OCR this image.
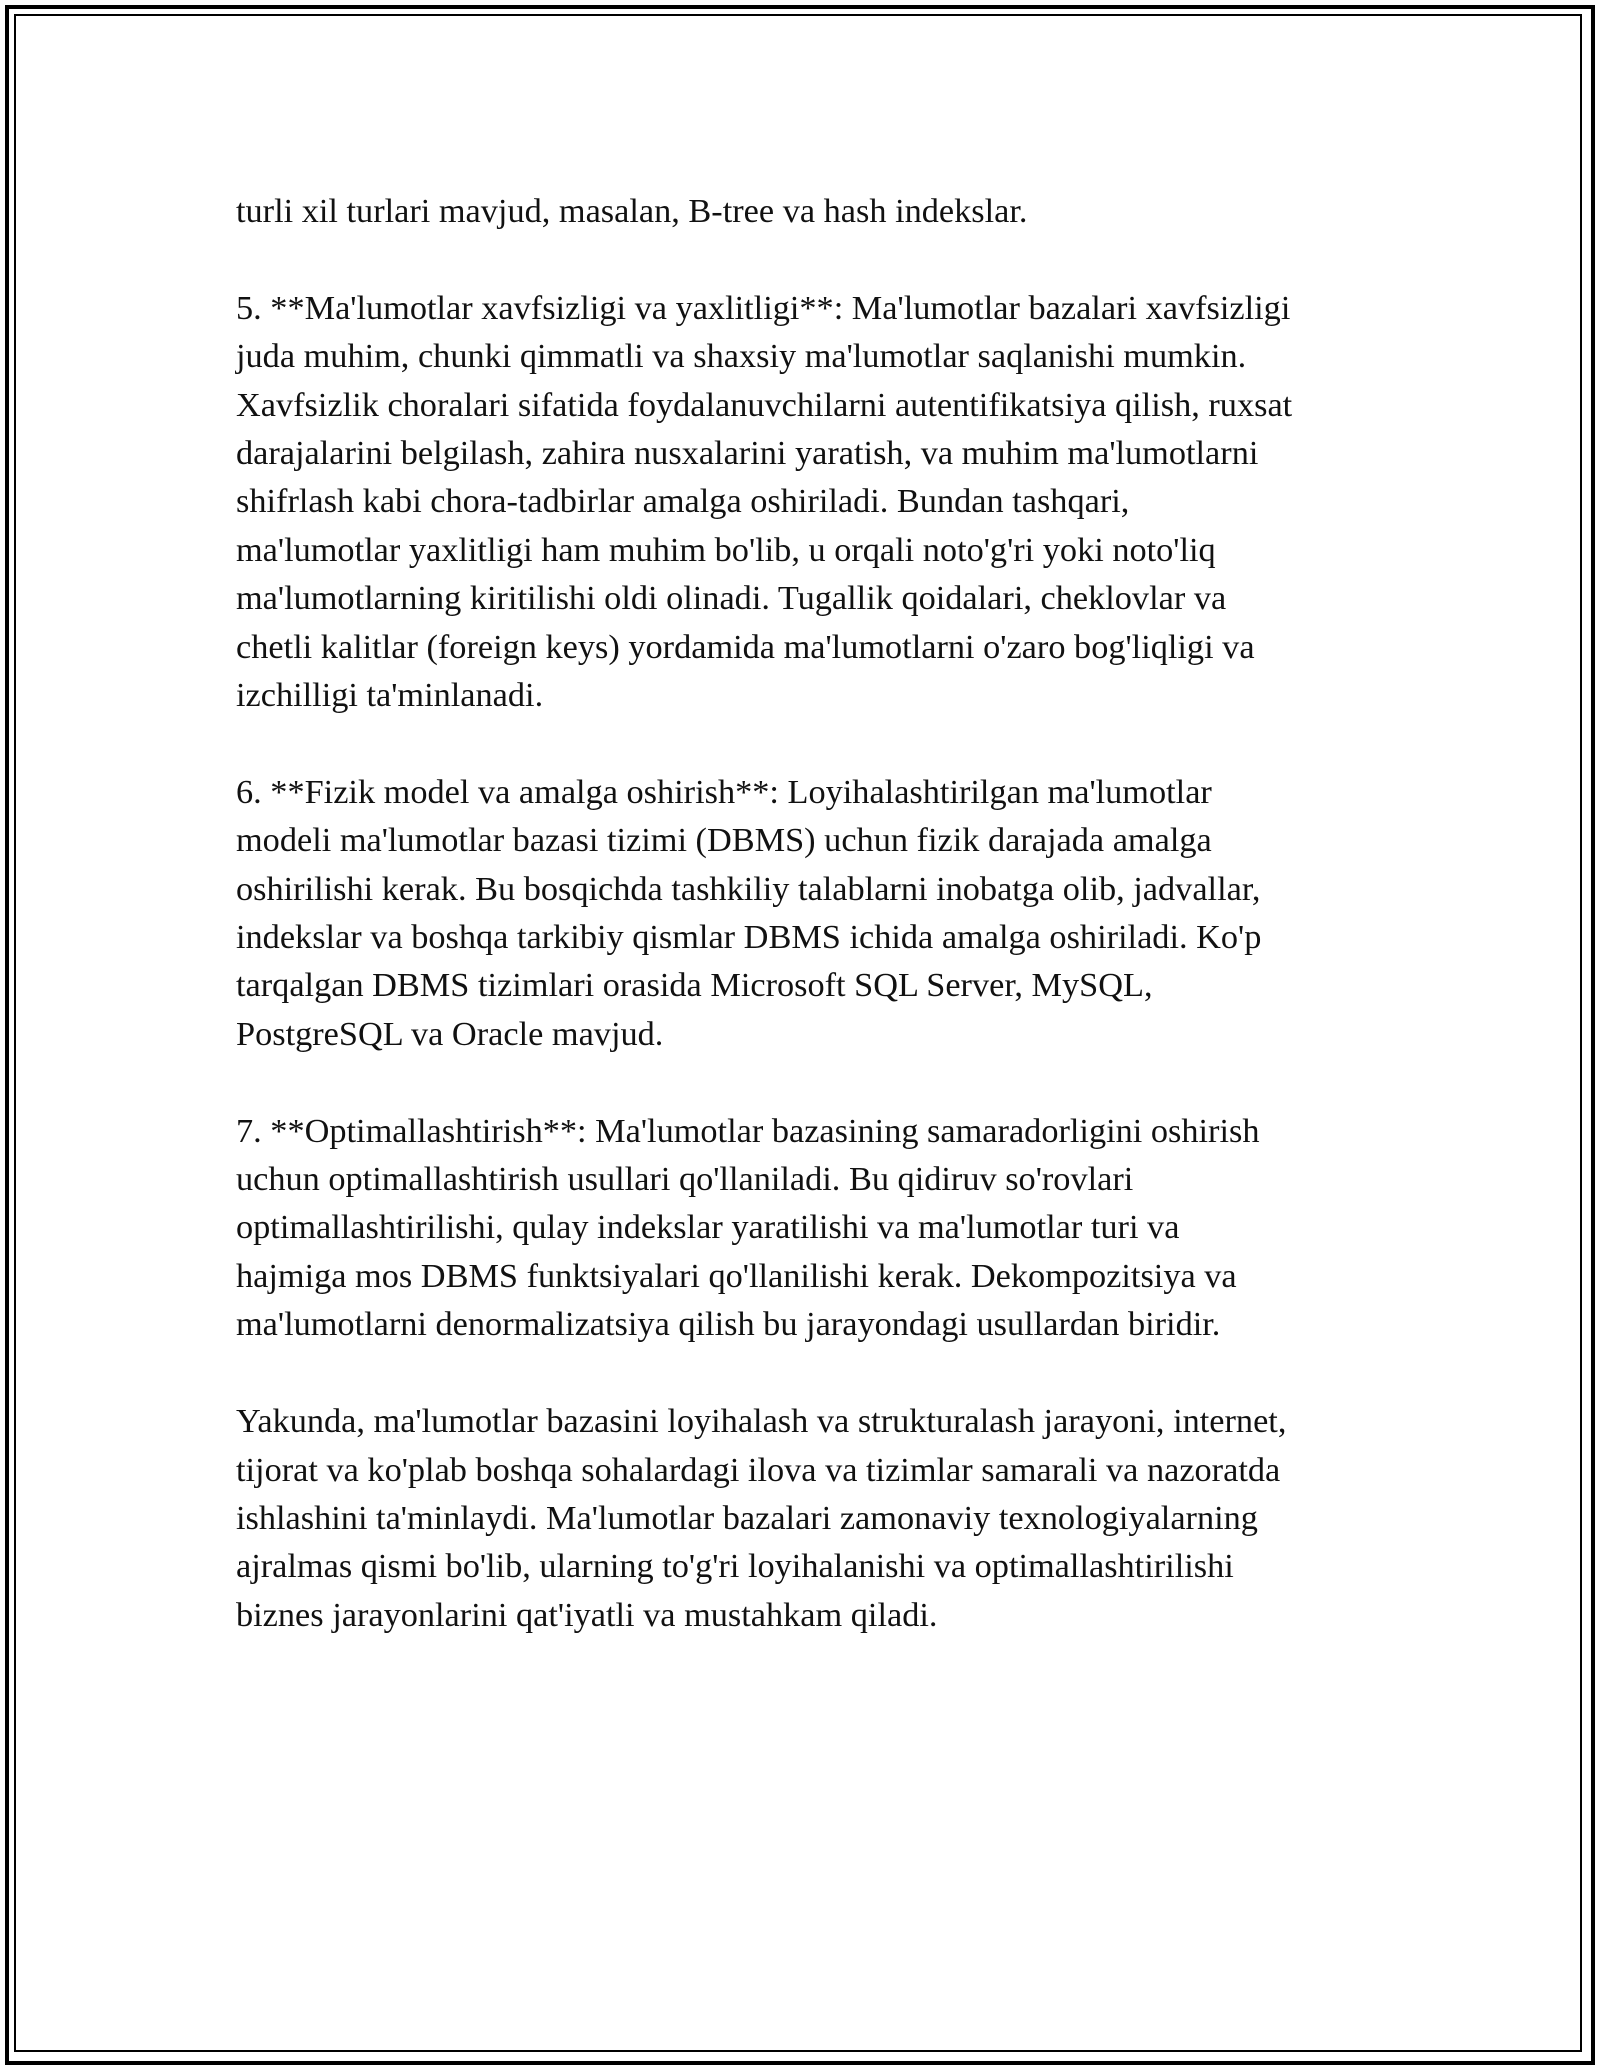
turli xil turlari mavjud, masalan, B-tree va hash indekslar.

5. **Ma'lumotlar xavfsizligi va yaxlitligi**: Ma'lumotlar bazalari xavfsizligi
juda muhim, chunki qimmatli va shaxsiy ma'lumotlar saqlanishi mumkin.
Xavfsizlik choralari sifatida foydalanuvchilarni autentifikatsiya qilish, ruxsat
darajalarini belgilash, zahira nusxalarini yaratish, va muhim ma'lumotlarni
shifrlash kabi chora-tadbirlar amalga oshiriladi. Bundan tashqari,
ma'lumotlar yaxlitligi ham muhim bo'lib, u orqali noto'g'ri yoki noto'liq
ma'lumotlarning kiritilishi oldi olinadi. Tugallik qoidalari, cheklovlar va
chetli kalitlar (foreign keys) yordamida ma'lumotlarni o'zaro bog'liqligi va
izchilligi ta'minlanadi.

6. **Fizik model va amalga oshirish**: Loyihalashtirilgan ma'lumotlar
modeli ma'lumotlar bazasi tizimi (DBMS) uchun fizik darajada amalga
oshirilishi kerak. Bu bosqichda tashkiliy talablarni inobatga olib, jadvallar,
indekslar va boshqa tarkibiy qismlar DBMS ichida amalga oshiriladi. Ko'p
tarqalgan DBMS tizimlari orasida Microsoft SQL Server, MySQL,
PostgreSQL va Oracle mavjud.

7. **Optimallashtirish**: Ma'lumotlar bazasining samaradorligini oshirish
uchun optimallashtirish usullari qo'llaniladi. Bu qidiruv so'rovlari
optimallashtirilishi, qulay indekslar yaratilishi va ma'lumotlar turi va
hajmiga mos DBMS funktsiyalari qo'llanilishi kerak. Dekompozitsiya va
ma'lumotlarni denormalizatsiya qilish bu jarayondagi usullardan biridir.

Yakunda, ma'lumotlar bazasini loyihalash va strukturalash jarayoni, internet,
tijorat va ko'plab boshqa sohalardagi ilova va tizimlar samarali va nazoratda
ishlashini ta'minlaydi. Ma'lumotlar bazalari zamonaviy texnologiyalarning
ajralmas qismi bo'lib, ularning to'g'ri loyihalanishi va optimallashtirilishi
biznes jarayonlarini qat'iyatli va mustahkam qiladi.
